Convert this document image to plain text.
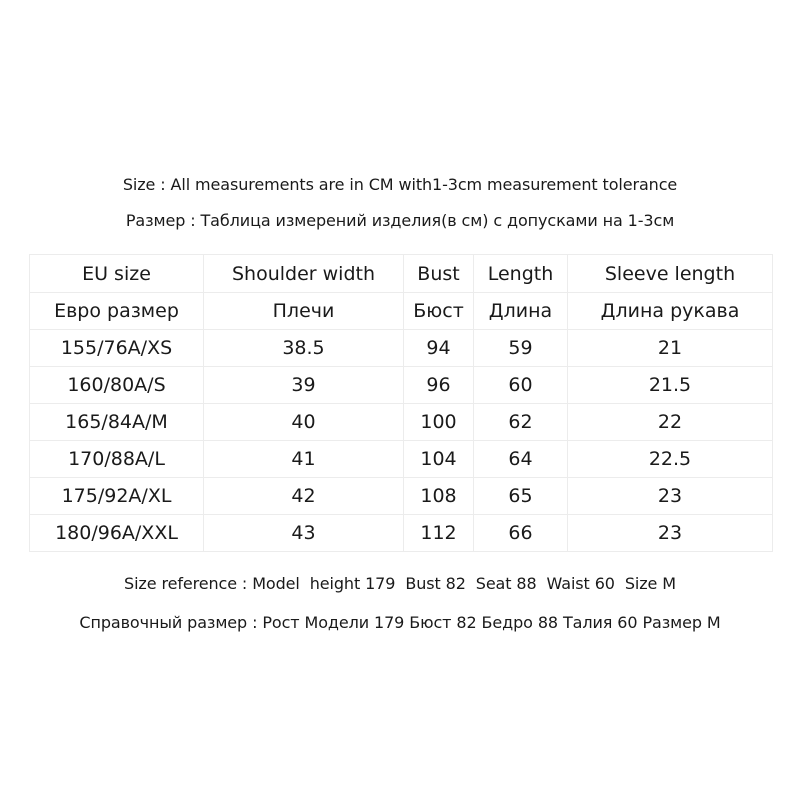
Size : All measurements are in CM with1-3cm measurement tolerance
Размер : Таблица измерений изделия(в см) с допусками на 1-3см
EU size	Shoulder width	Bust	Length	Sleeve length
Евро размер	Плечи	Бюст	Длина	Длина рукава
155/76A/XS	38.5	94	59	21
160/80A/S	39	96	60	21.5
165/84A/M	40	100	62	22
170/88A/L	41	104	64	22.5
175/92A/XL	42	108	65	23
180/96A/XXL	43	112	66	23
Size reference : Model  height 179  Bust 82  Seat 88  Waist 60  Size M
Справочный размер : Рост Модели 179 Бюст 82 Бедро 88 Талия 60 Размер M
